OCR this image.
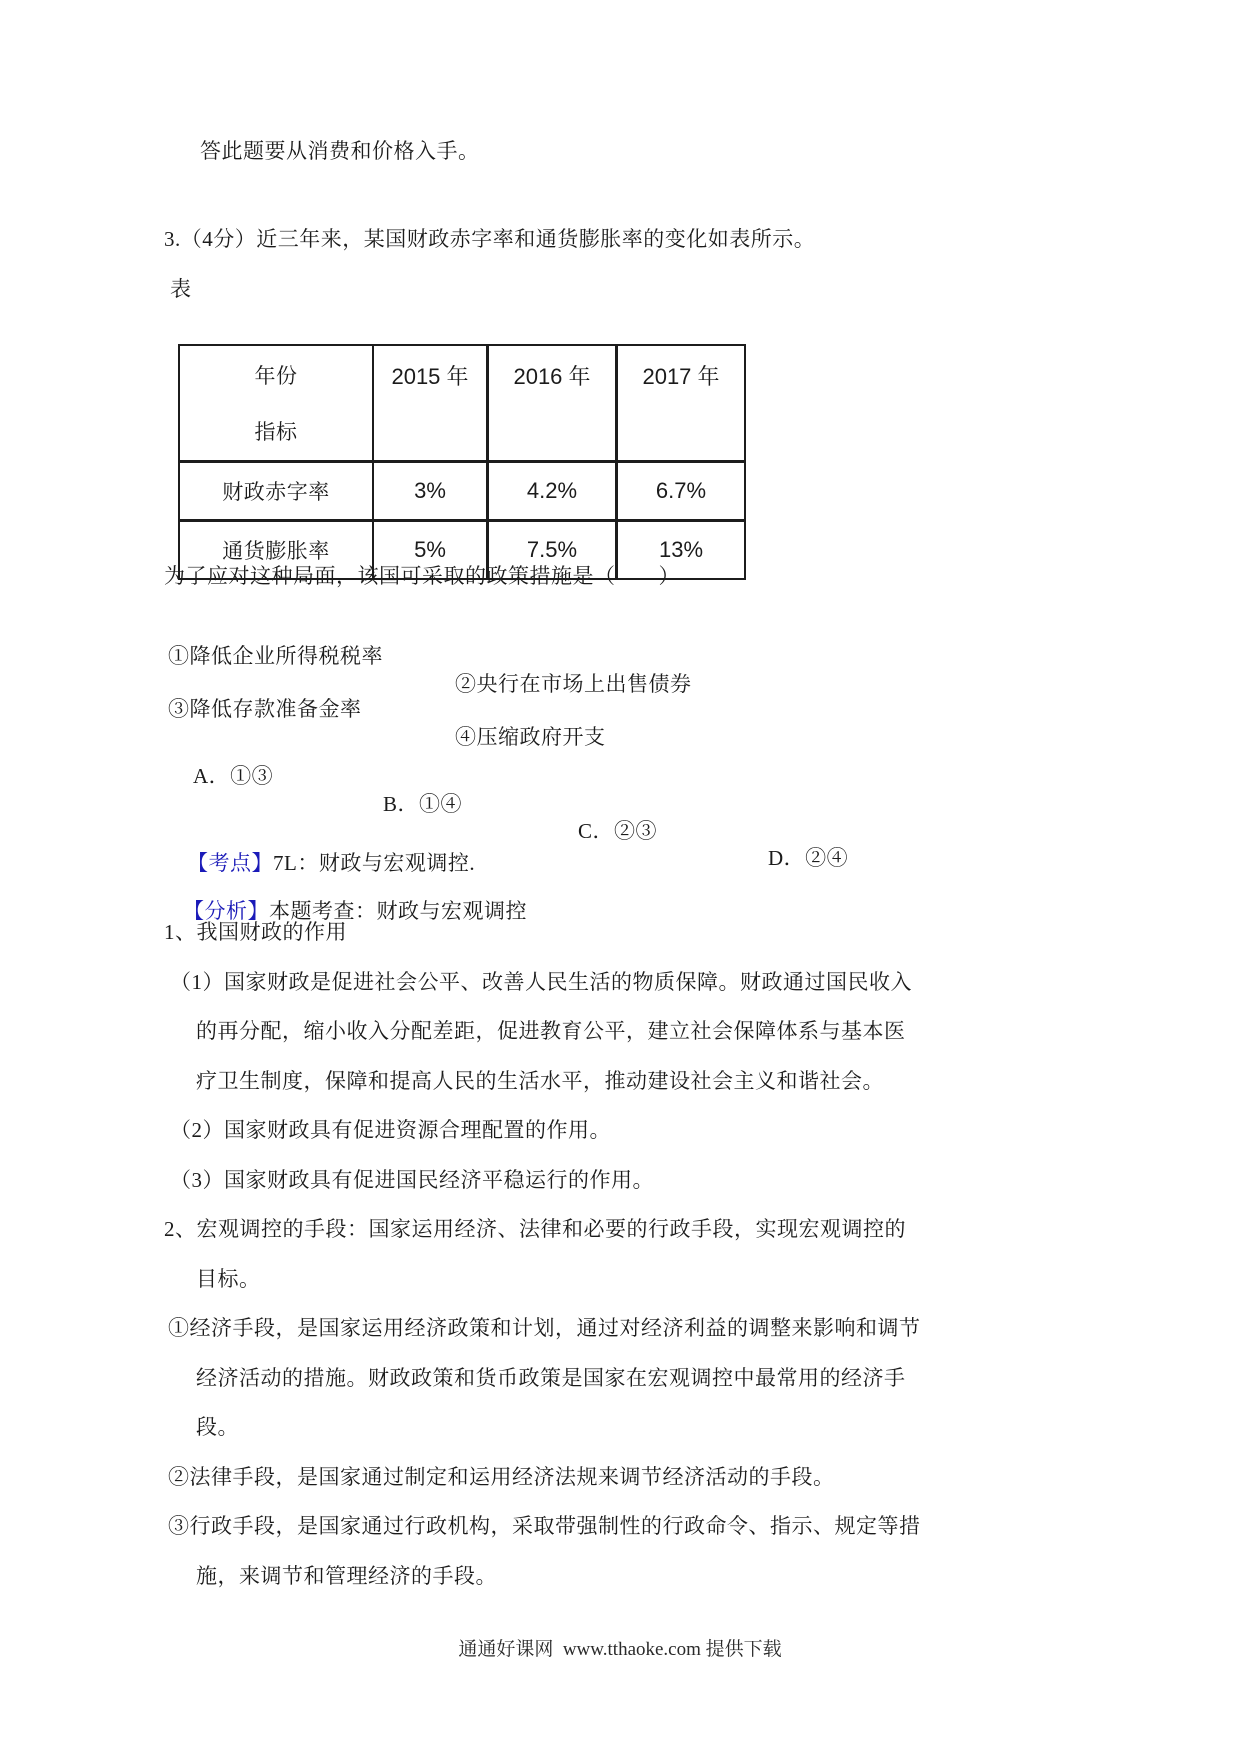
答此题要从消费和价格入手。
3.（4分）近三年来，某国财政赤字率和通货膨胀率的变化如表所示。
表
年份
指标	2015 年	2016 年	2017 年
财政赤字率	3%	4.2%	6.7%
通货膨胀率	5%	7.5%	13%
为了应对这种局面，该国可采取的政策措施是（　　）

①降低企业所得税税率

②央行在市场上出售债券

③降低存款准备金率

④压缩政府开支

A．①③

B．①④

C．②③

D．②④

【考点】7L：财政与宏观调控.

【分析】本题考查：财政与宏观调控

1、我国财政的作用
（1）国家财政是促进社会公平、改善人民生活的物质保障。财政通过国民收入
的再分配，缩小收入分配差距，促进教育公平，建立社会保障体系与基本医
疗卫生制度，保障和提高人民的生活水平，推动建设社会主义和谐社会。
（2）国家财政具有促进资源合理配置的作用。
（3）国家财政具有促进国民经济平稳运行的作用。
2、宏观调控的手段：国家运用经济、法律和必要的行政手段，实现宏观调控的
目标。
①经济手段，是国家运用经济政策和计划，通过对经济利益的调整来影响和调节
经济活动的措施。财政政策和货币政策是国家在宏观调控中最常用的经济手
段。
②法律手段，是国家通过制定和运用经济法规来调节经济活动的手段。
③行政手段，是国家通过行政机构，采取带强制性的行政命令、指示、规定等措
施，来调节和管理经济的手段。
通通好课网  www.tthaoke.com 提供下载
